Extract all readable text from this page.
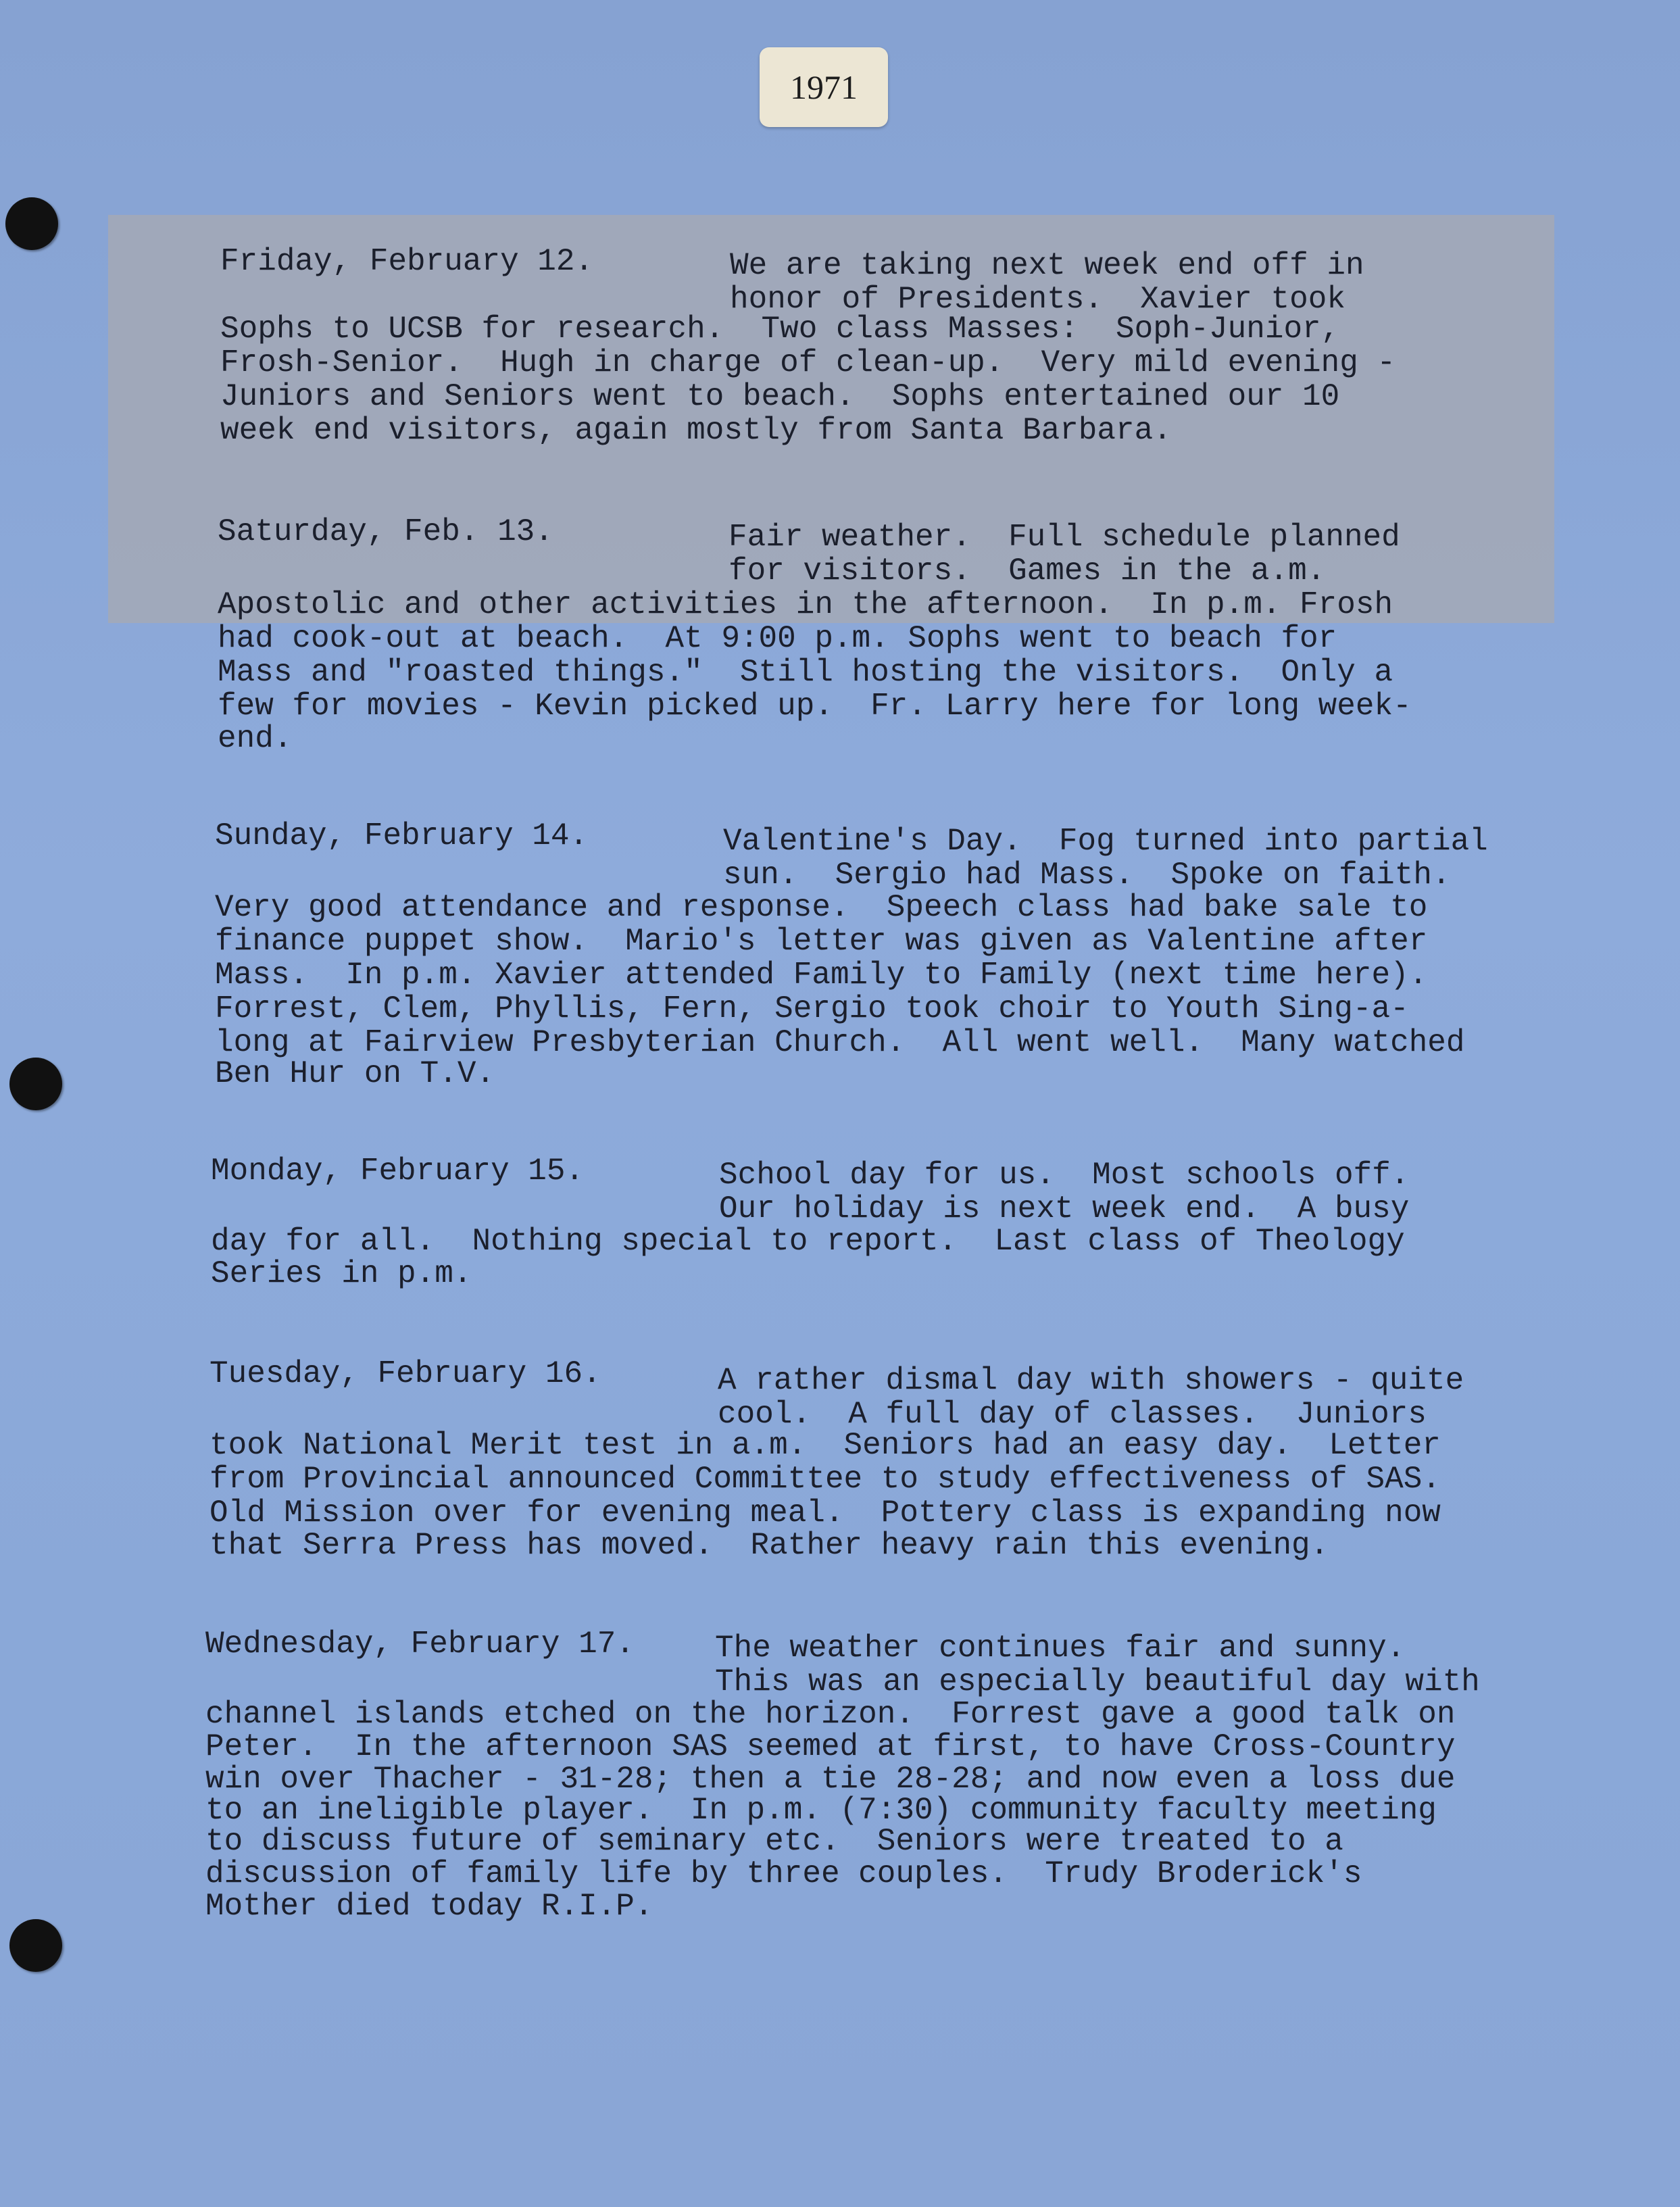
1971

Friday, February 12.

	We are taking next week end off in

honor of Presidents.  Xavier took

Sophs to UCSB for research.  Two class Masses:  Soph-Junior,

Frosh-Senior.  Hugh in charge of clean-up.  Very mild evening -

Juniors and Seniors went to beach.  Sophs entertained our 10

week end visitors, again mostly from Santa Barbara.

Saturday, Feb. 13.

	Fair weather.  Full schedule planned

for visitors.  Games in the a.m.

Apostolic and other activities in the afternoon.  In p.m. Frosh

had cook-out at beach.  At 9:00 p.m. Sophs went to beach for

Mass and "roasted things."  Still hosting the visitors.  Only a

few for movies - Kevin picked up.  Fr. Larry here for long week-

end.

Sunday, February 14.

	Valentine's Day.  Fog turned into partial

sun.  Sergio had Mass.  Spoke on faith.

Very good attendance and response.  Speech class had bake sale to

finance puppet show.  Mario's letter was given as Valentine after

Mass.  In p.m. Xavier attended Family to Family (next time here).

Forrest, Clem, Phyllis, Fern, Sergio took choir to Youth Sing-a-

long at Fairview Presbyterian Church.  All went well.  Many watched

Ben Hur on T.V.

Monday, February 15.

	School day for us.  Most schools off.

Our holiday is next week end.  A busy

day for all.  Nothing special to report.  Last class of Theology

Series in p.m.

Tuesday, February 16.

	A rather dismal day with showers - quite

cool.  A full day of classes.  Juniors

took National Merit test in a.m.  Seniors had an easy day.  Letter

from Provincial announced Committee to study effectiveness of SAS.

Old Mission over for evening meal.  Pottery class is expanding now

that Serra Press has moved.  Rather heavy rain this evening.

Wednesday, February 17.

	The weather continues fair and sunny.

This was an especially beautiful day with

channel islands etched on the horizon.  Forrest gave a good talk on

Peter.  In the afternoon SAS seemed at first, to have Cross-Country

win over Thacher - 31-28; then a tie 28-28; and now even a loss due

to an ineligible player.  In p.m. (7:30) community faculty meeting

to discuss future of seminary etc.  Seniors were treated to a

discussion of family life by three couples.  Trudy Broderick's

Mother died today R.I.P.
